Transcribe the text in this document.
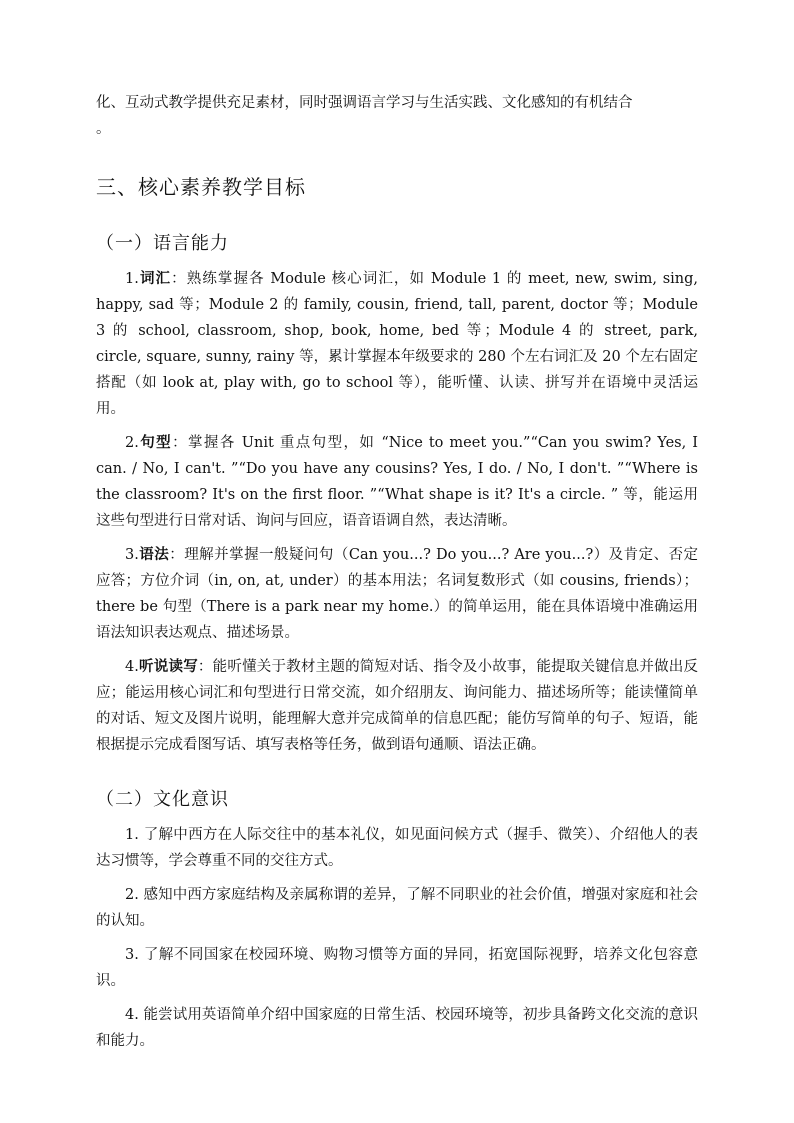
化、互动式教学提供充足素材，同时强调语言学习与生活实践、文化感知的有机结合
。

三、核心素养教学目标
（一）语言能力

1.词汇：熟练掌握各 Module 核心词汇，如 Module 1 的 meet, new, swim, sing, happy, sad 等；Module 2 的 family, cousin, friend, tall, parent, doctor 等；Module 3 的 school, classroom, shop, book, home, bed 等；Module 4 的 street, park, circle, square, sunny, rainy 等，累计掌握本年级要求的 280 个左右词汇及 20 个左右固定搭配（如 look at, play with, go to school 等），能听懂、认读、拼写并在语境中灵活运用。

2.句型：掌握各 Unit 重点句型，如 “Nice to meet you.”“Can you swim? Yes, I can. / No, I can't. ”“Do you have any cousins? Yes, I do. / No, I don't. ”“Where is the classroom? It's on the first floor. ”“What shape is it? It's a circle. ” 等，能运用这些句型进行日常对话、询问与回应，语音语调自然，表达清晰。

3.语法：理解并掌握一般疑问句（Can you...? Do you...? Are you...?）及肯定、否定应答；方位介词（in, on, at, under）的基本用法；名词复数形式（如 cousins, friends）；there be 句型（There is a park near my home.）的简单运用，能在具体语境中准确运用语法知识表达观点、描述场景。

4.听说读写：能听懂关于教材主题的简短对话、指令及小故事，能提取关键信息并做出反应；能运用核心词汇和句型进行日常交流，如介绍朋友、询问能力、描述场所等；能读懂简单的对话、短文及图片说明，能理解大意并完成简单的信息匹配；能仿写简单的句子、短语，能根据提示完成看图写话、填写表格等任务，做到语句通顺、语法正确。

（二）文化意识

1. 了解中西方在人际交往中的基本礼仪，如见面问候方式（握手、微笑）、介绍他人的表达习惯等，学会尊重不同的交往方式。

2. 感知中西方家庭结构及亲属称谓的差异，了解不同职业的社会价值，增强对家庭和社会的认知。

3. 了解不同国家在校园环境、购物习惯等方面的异同，拓宽国际视野，培养文化包容意识。

4. 能尝试用英语简单介绍中国家庭的日常生活、校园环境等，初步具备跨文化交流的意识和能力。
